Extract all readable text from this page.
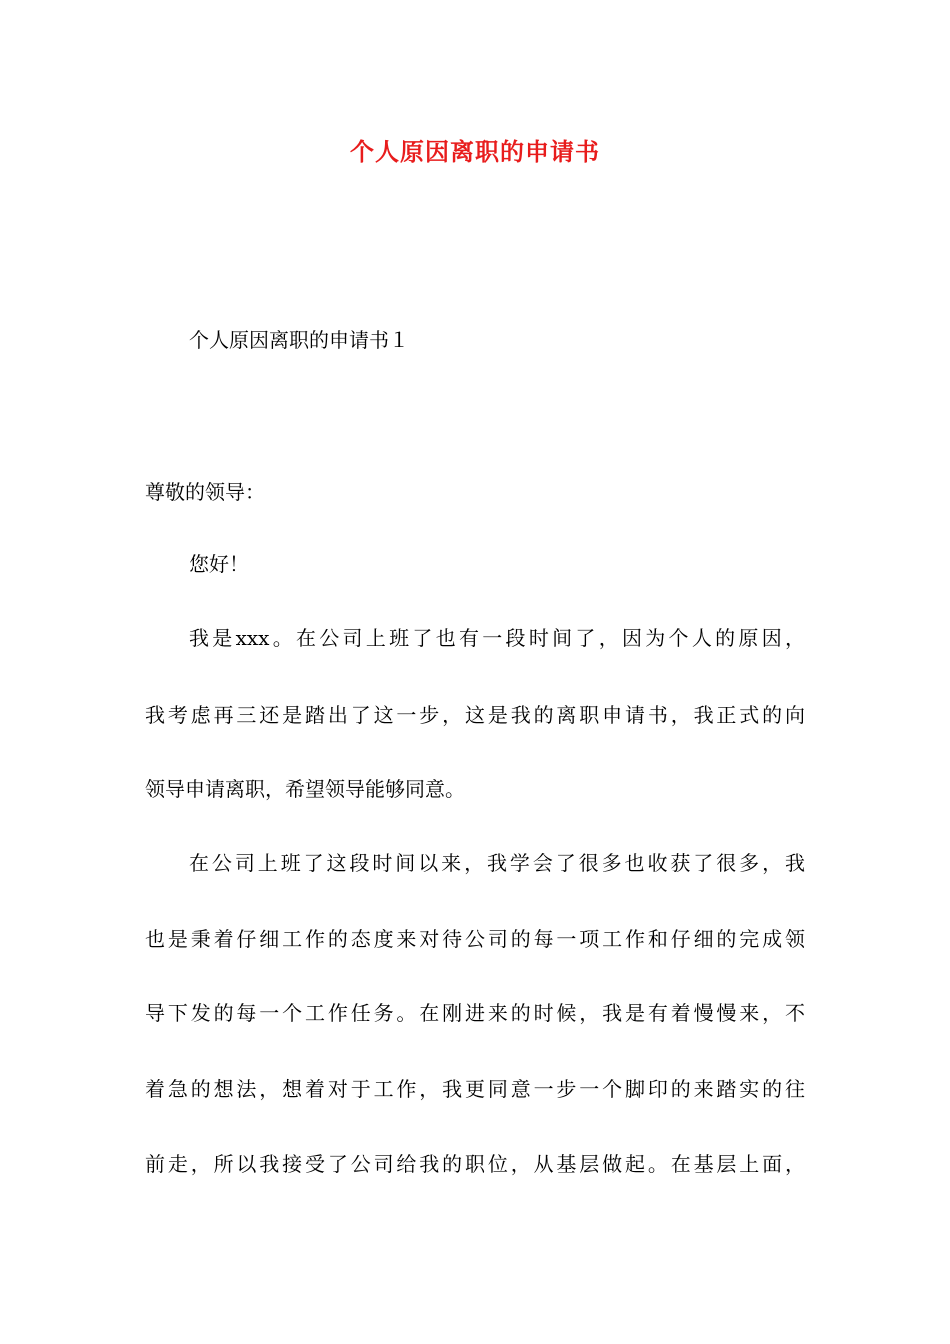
个人原因离职的申请书
个人原因离职的申请书１
尊敬的领导：
您好！
我是xxx。在公司上班了也有一段时间了，因为个人的原因，
我考虑再三还是踏出了这一步，这是我的离职申请书，我正式的向
领导申请离职，希望领导能够同意。
在公司上班了这段时间以来，我学会了很多也收获了很多，我
也是秉着仔细工作的态度来对待公司的每一项工作和仔细的完成领
导下发的每一个工作任务。在刚进来的时候，我是有着慢慢来，不
着急的想法，想着对于工作，我更同意一步一个脚印的来踏实的往
前走，所以我接受了公司给我的职位，从基层做起。在基层上面，
